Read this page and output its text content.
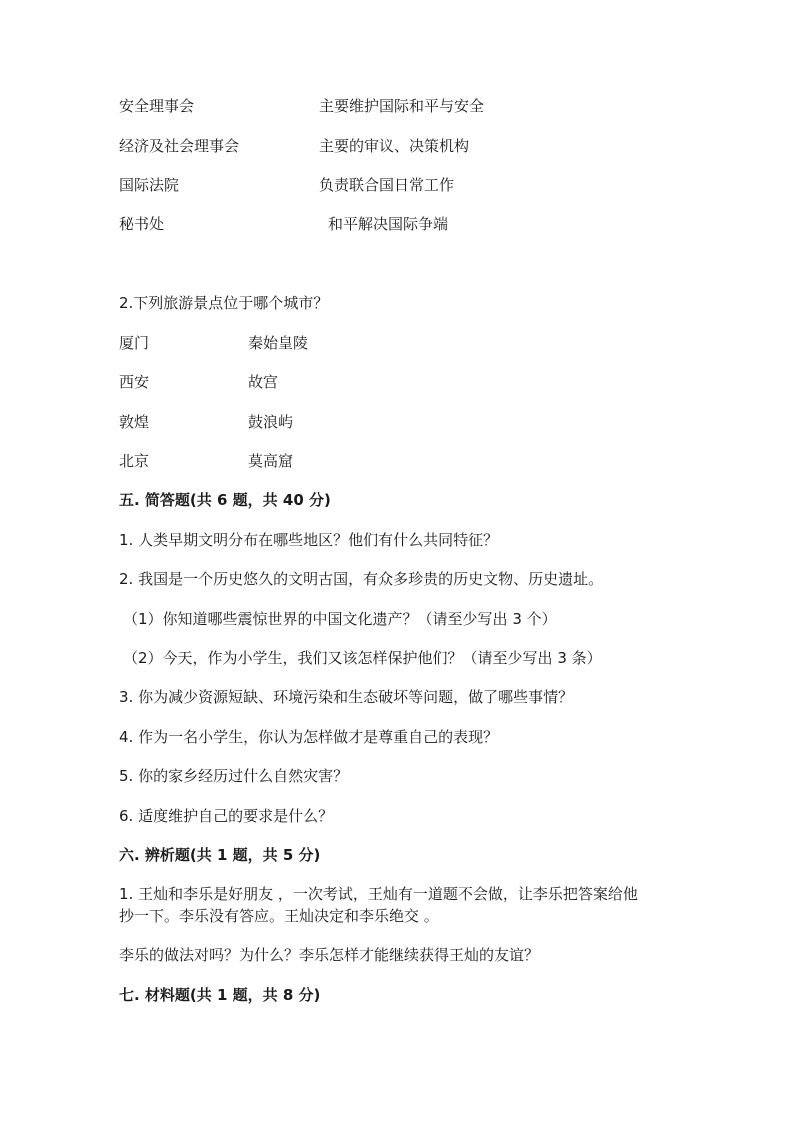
安全理事会	主要维护国际和平与安全
经济及社会理事会	主要的审议、决策机构
国际法院	负责联合国日常工作
秘书处	和平解决国际争端
2.下列旅游景点位于哪个城市？
厦门	秦始皇陵
西安	故宫
敦煌	鼓浪屿
北京	莫高窟
五. 简答题(共 6 题，共 40 分)
1. 人类早期文明分布在哪些地区？他们有什么共同特征？
2. 我国是一个历史悠久的文明古国，有众多珍贵的历史文物、历史遗址。
（1）你知道哪些震惊世界的中国文化遗产？（请至少写出 3 个）
（2）今天，作为小学生，我们又该怎样保护他们？（请至少写出 3 条）
3. 你为减少资源短缺、环境污染和生态破坏等问题，做了哪些事情？
4. 作为一名小学生，你认为怎样做才是尊重自己的表现？
5. 你的家乡经历过什么自然灾害？
6. 适度维护自己的要求是什么？
六. 辨析题(共 1 题，共 5 分)
1. 王灿和李乐是好朋友 ，一次考试，王灿有一道题不会做，让李乐把答案给他
抄一下。李乐没有答应。王灿决定和李乐绝交 。
李乐的做法对吗？为什么？李乐怎样才能继续获得王灿的友谊？
七. 材料题(共 1 题，共 8 分)
